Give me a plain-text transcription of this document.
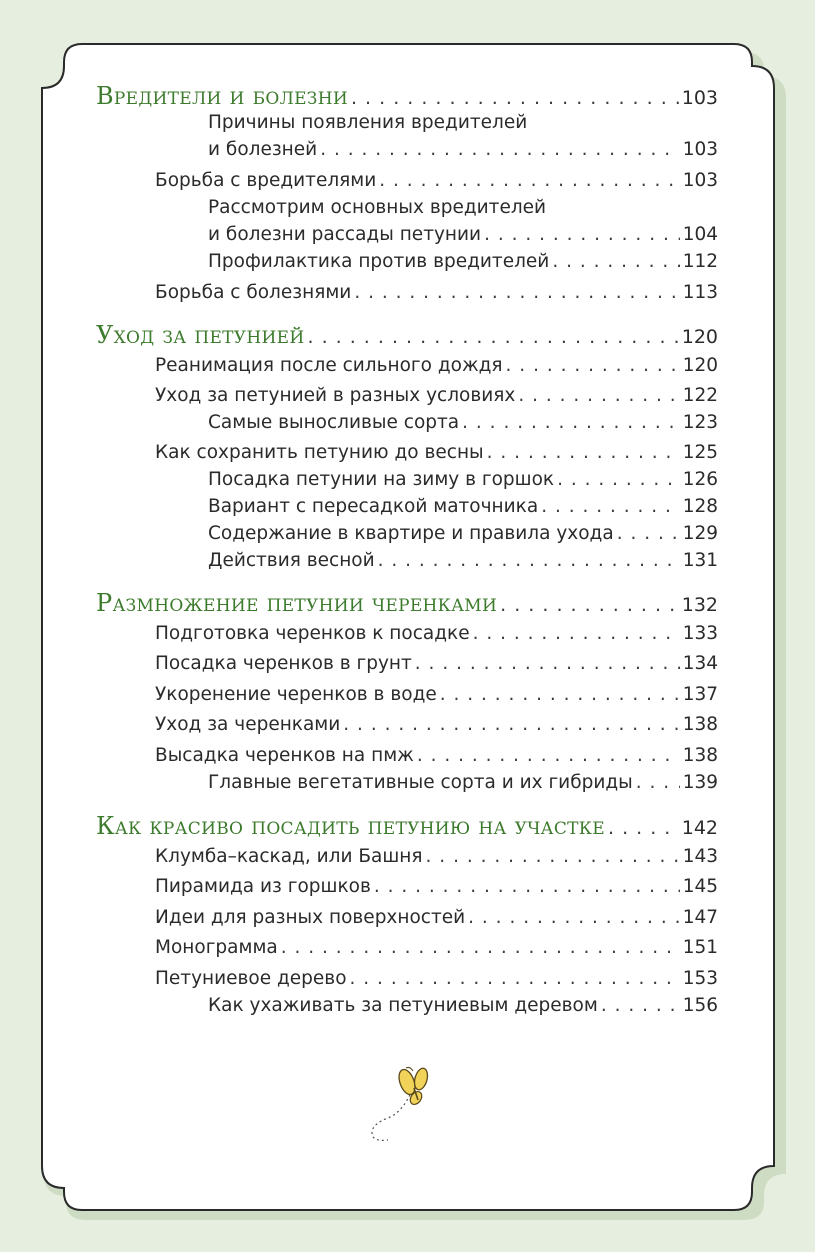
Вредители и болезни . . .	103
Причины появления вредителей
и болезней . . .	103
Борьба с вредителями . . .	103
Рассмотрим основных вредителей
и болезни рассады петунии . . .	104
Профилактика против вредителей . . .	112
Борьба с болезнями . . .	113
Уход за петунией . . .	120
Реанимация после сильного дождя . . .	120
Уход за петунией в разных условиях . . .	122
Самые выносливые сорта . . .	123
Как сохранить петунию до весны . . .	125
Посадка петунии на зиму в горшок . . .	126
Вариант с пересадкой маточника . . .	128
Содержание в квартире и правила ухода . . .	129
Действия весной . . .	131
Размножение петунии черенками . . .	132
Подготовка черенков к посадке . . .	133
Посадка черенков в грунт . . .	134
Укоренение черенков в воде . . .	137
Уход за черенками . . .	138
Высадка черенков на пмж . . .	138
Главные вегетативные сорта и их гибриды . . .	139
Как красиво посадить петунию на участке . . .	142
Клумба–каскад, или Башня . . .	143
Пирамида из горшков . . .	145
Идеи для разных поверхностей . . .	147
Монограмма . . .	151
Петуниевое дерево . . .	153
Как ухаживать за петуниевым деревом . . .	156
